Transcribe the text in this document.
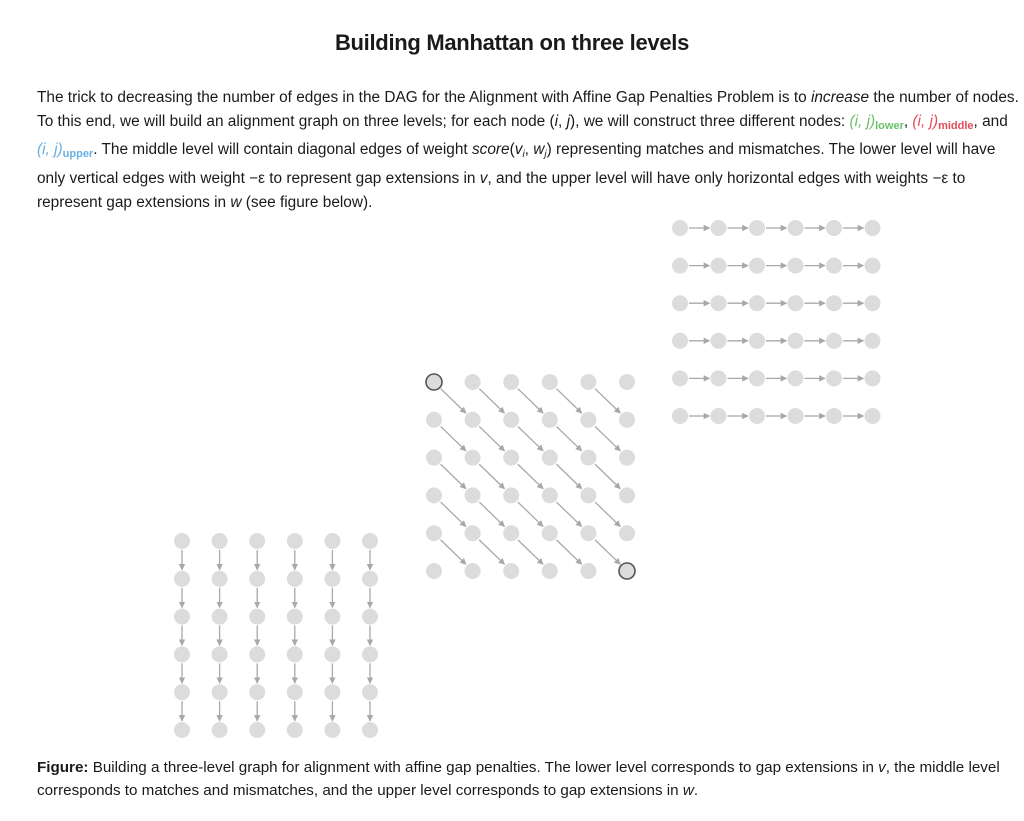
Building Manhattan on three levels
The trick to decreasing the number of edges in the DAG for the Alignment with Affine Gap Penalties Problem is to increase the number of nodes. To this end, we will build an alignment graph on three levels; for each node (i, j), we will construct three different nodes: (i, $j)_{lower}$, (i, $j)_{middle}$, and (i, $j)_{upper}$. The middle level will contain diagonal edges of weight score(vi, wj) representing matches and mismatches. The lower level will have only vertical edges with weight −ε to represent gap extensions in v, and the upper level will have only horizontal edges with weights −ε to represent gap extensions in w (see figure below).
Figure: Building a three-level graph for alignment with affine gap penalties. The lower level corresponds to gap extensions in v, the middle level corresponds to matches and mismatches, and the upper level corresponds to gap extensions in w.
